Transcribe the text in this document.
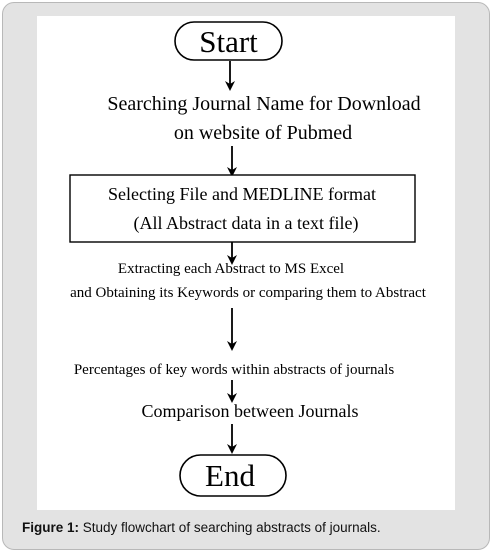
Start
Searching Journal Name for Download
on website of Pubmed
Selecting File and MEDLINE format
(All Abstract data in a text file)
Extracting each Abstract to MS Excel
and Obtaining its Keywords or comparing them to Abstract
Percentages of key words within abstracts of journals
Comparison between Journals
End
Figure 1: Study flowchart of searching abstracts of journals.
